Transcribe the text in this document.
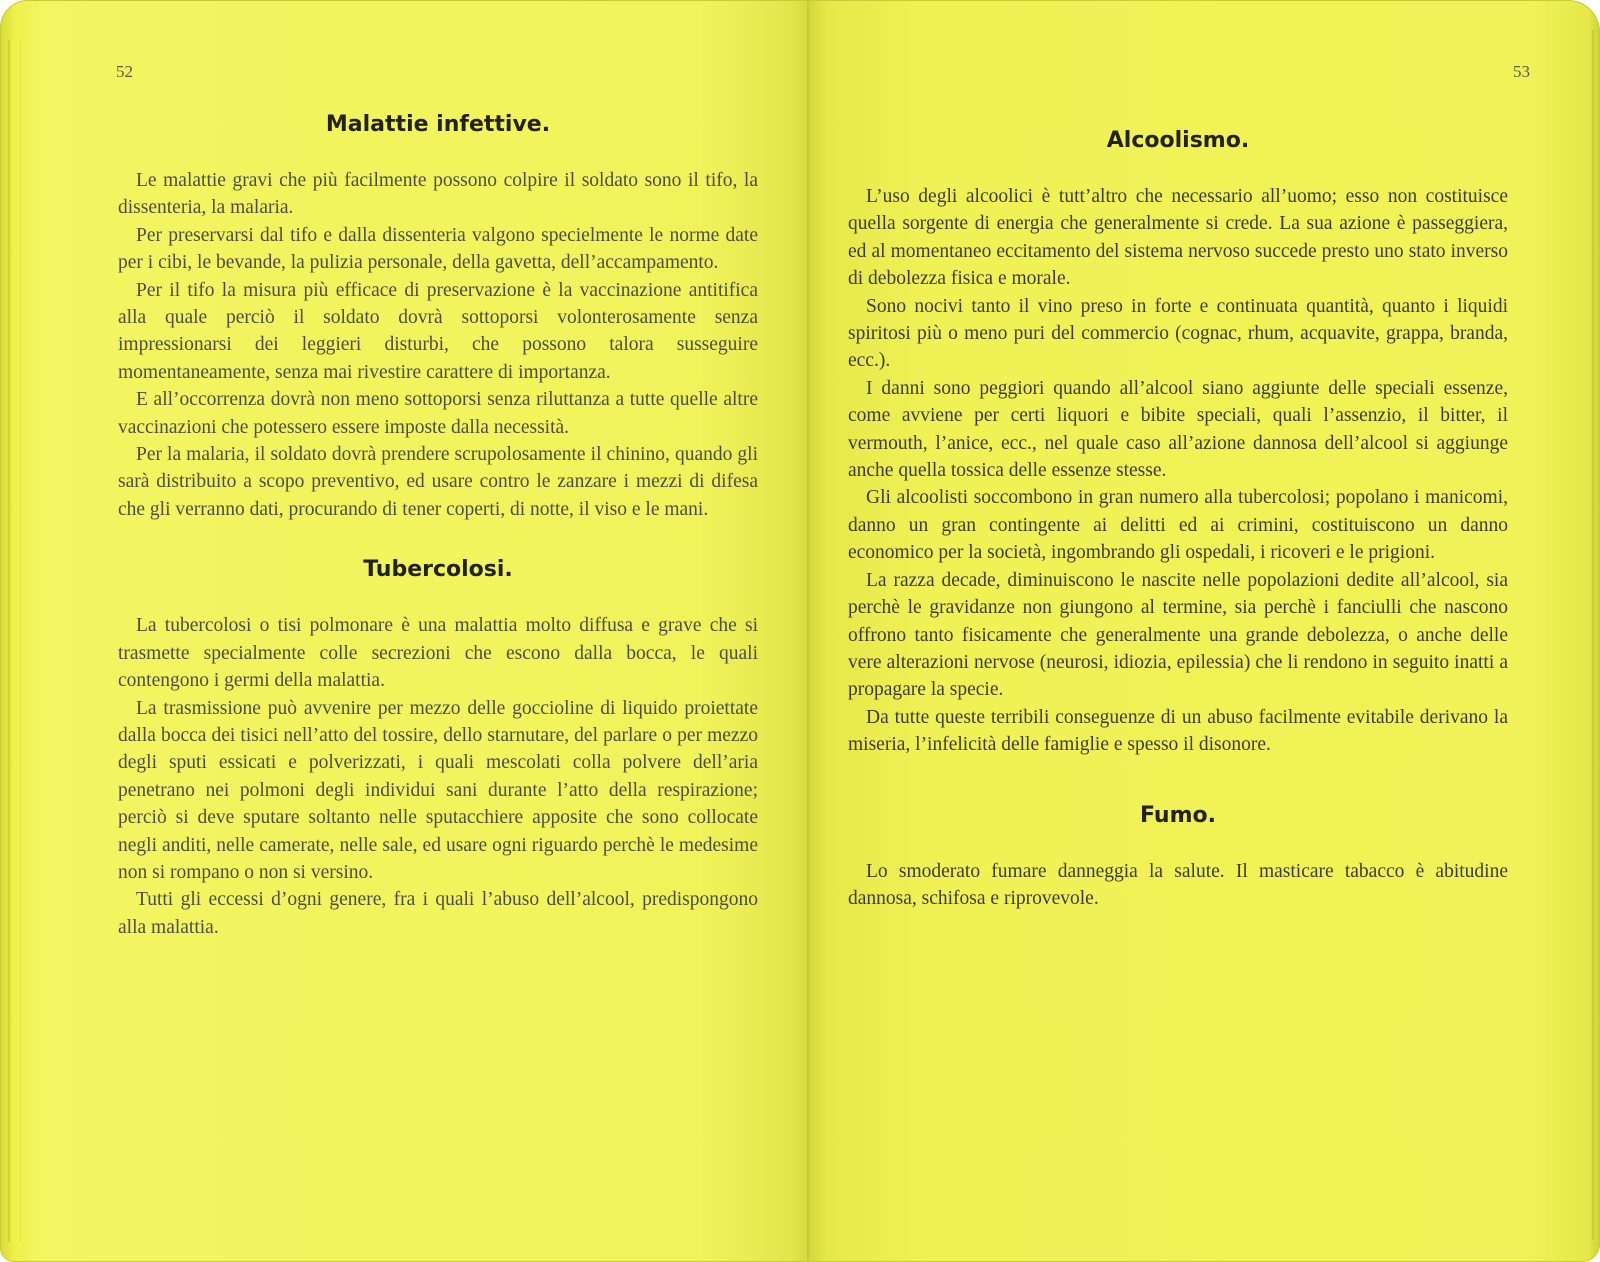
52
Malattie infettive.

Le malattie gravi che più facilmente possono colpire il soldato sono il tifo, la dissenteria, la malaria.

Per preservarsi dal tifo e dalla dissenteria valgono specielmente le norme date per i cibi, le bevande, la pulizia personale, della gavetta, dell’accampamento.

Per il tifo la misura più efficace di preservazione è la vaccinazione antitifica alla quale perciò il soldato dovrà sottoporsi volonterosamente senza impressionarsi dei leggieri disturbi, che possono talora susseguire momentaneamente, senza mai rivestire carattere di importanza.

E all’occorrenza dovrà non meno sottoporsi senza riluttanza a tutte quelle altre vaccinazioni che potessero essere imposte dalla necessità.

Per la malaria, il soldato dovrà prendere scrupolosamente il chinino, quando gli sarà distribuito a scopo preventivo, ed usare contro le zanzare i mezzi di difesa che gli verranno dati, procurando di tener coperti, di notte, il viso e le mani.

Tubercolosi.

La tubercolosi o tisi polmonare è una malattia molto diffusa e grave che si trasmette specialmente colle secrezioni che escono dalla bocca, le quali contengono i germi della malattia.

La trasmissione può avvenire per mezzo delle goccioline di liquido proiettate dalla bocca dei tisici nell’atto del tossire, dello starnutare, del parlare o per mezzo degli sputi essicati e polverizzati, i quali mescolati colla polvere dell’aria penetrano nei polmoni degli individui sani durante l’atto della respirazione; perciò si deve sputare soltanto nelle sputacchiere apposite che sono collocate negli anditi, nelle camerate, nelle sale, ed usare ogni riguardo perchè le medesime non si rompano o non si versino.

Tutti gli eccessi d’ogni genere, fra i quali l’abuso dell’alcool, predispongono alla malattia.

53
Alcoolismo.

L’uso degli alcoolici è tutt’altro che necessario all’uomo; esso non costituisce quella sorgente di energia che generalmente si crede. La sua azione è passeggiera, ed al momentaneo eccitamento del sistema nervoso succede presto uno stato inverso di debolezza fisica e morale.

Sono nocivi tanto il vino preso in forte e continuata quantità, quanto i liquidi spiritosi più o meno puri del commercio (cognac, rhum, acquavite, grappa, branda, ecc.).

I danni sono peggiori quando all’alcool siano aggiunte delle speciali essenze, come avviene per certi liquori e bibite speciali, quali l’assenzio, il bitter, il vermouth, l’anice, ecc., nel quale caso all’azione dannosa dell’alcool si aggiunge anche quella tossica delle essenze stesse.

Gli alcoolisti soccombono in gran numero alla tubercolosi; popolano i manicomi, danno un gran contingente ai delitti ed ai crimini, costituiscono un danno economico per la società, ingombrando gli ospedali, i ricoveri e le prigioni.

La razza decade, diminuiscono le nascite nelle popolazioni dedite all’alcool, sia perchè le gravidanze non giungono al termine, sia perchè i fanciulli che nascono offrono tanto fisicamente che generalmente una grande debolezza, o anche delle vere alterazioni nervose (neurosi, idiozia, epilessia) che li rendono in seguito inatti a propagare la specie.

Da tutte queste terribili conseguenze di un abuso facilmente evitabile derivano la miseria, l’infelicità delle famiglie e spesso il disonore.

Fumo.

Lo smoderato fumare danneggia la salute. Il masticare tabacco è abitudine dannosa, schifosa e riprovevole.
